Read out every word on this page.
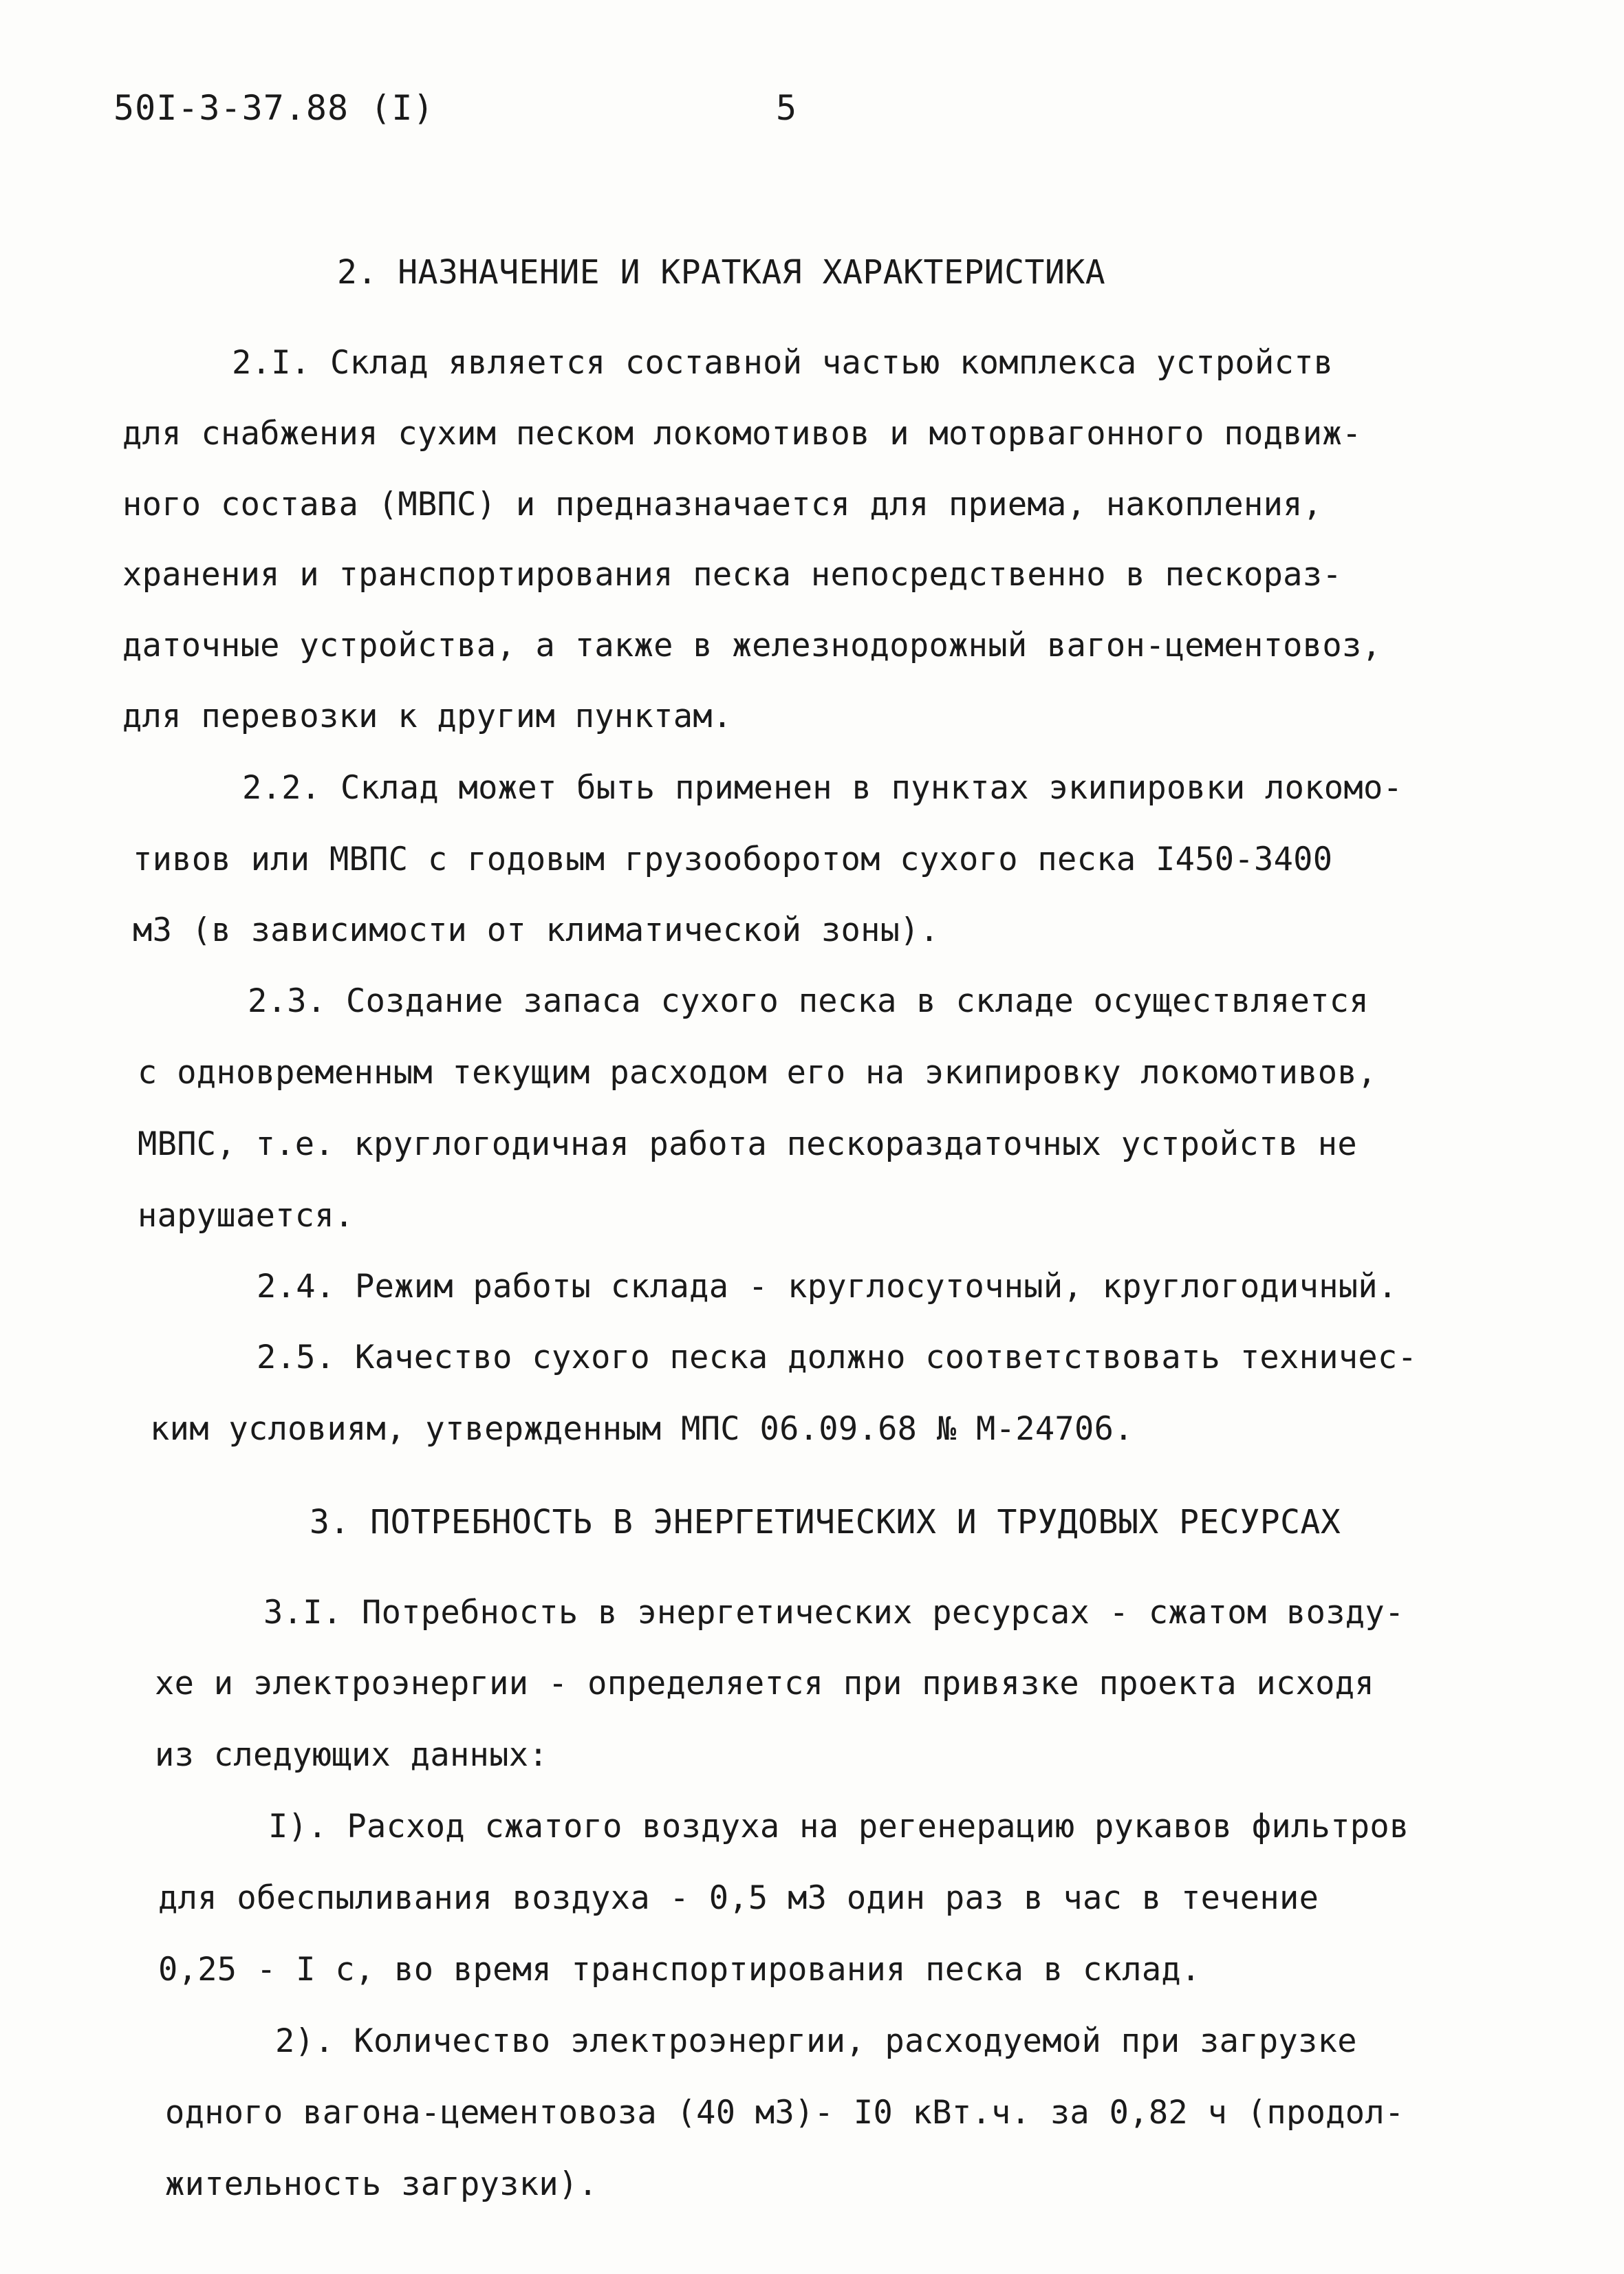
50I-3-37.88 (I)	5
2. НАЗНАЧЕНИЕ И КРАТКАЯ ХАРАКТЕРИСТИКА
2.I. Склад является составной частью комплекса устройств
для снабжения сухим песком локомотивов и моторвагонного подвиж-
ного состава (МВПС) и предназначается для приема, накопления,
хранения и транспортирования песка непосредственно в пескораз-
даточные устройства, а также в железнодорожный вагон-цементовоз,
для перевозки к другим пунктам.
2.2. Склад может быть применен в пунктах экипировки локомо-
тивов или МВПС с годовым грузооборотом сухого песка I450-3400
м3 (в зависимости от климатической зоны).
2.3. Создание запаса сухого песка в складе осуществляется
с одновременным текущим расходом его на экипировку локомотивов,
МВПС, т.е. круглогодичная работа пескораздаточных устройств не
нарушается.
2.4. Режим работы склада - круглосуточный, круглогодичный.
2.5. Качество сухого песка должно соответствовать техничес-
ким условиям, утвержденным МПС 06.09.68 № М-24706.
3. ПОТРЕБНОСТЬ В ЭНЕРГЕТИЧЕСКИХ И ТРУДОВЫХ РЕСУРСАХ
3.I. Потребность в энергетических ресурсах - сжатом возду-
хе и электроэнергии - определяется при привязке проекта исходя
из следующих данных:
I). Расход сжатого воздуха на регенерацию рукавов фильтров
для обеспыливания воздуха - 0,5 м3 один раз в час в течение
0,25 - I с, во время транспортирования песка в склад.
2). Количество электроэнергии, расходуемой при загрузке
одного вагона-цементовоза (40 м3)- I0 кВт.ч. за 0,82 ч (продол-
жительность загрузки).
